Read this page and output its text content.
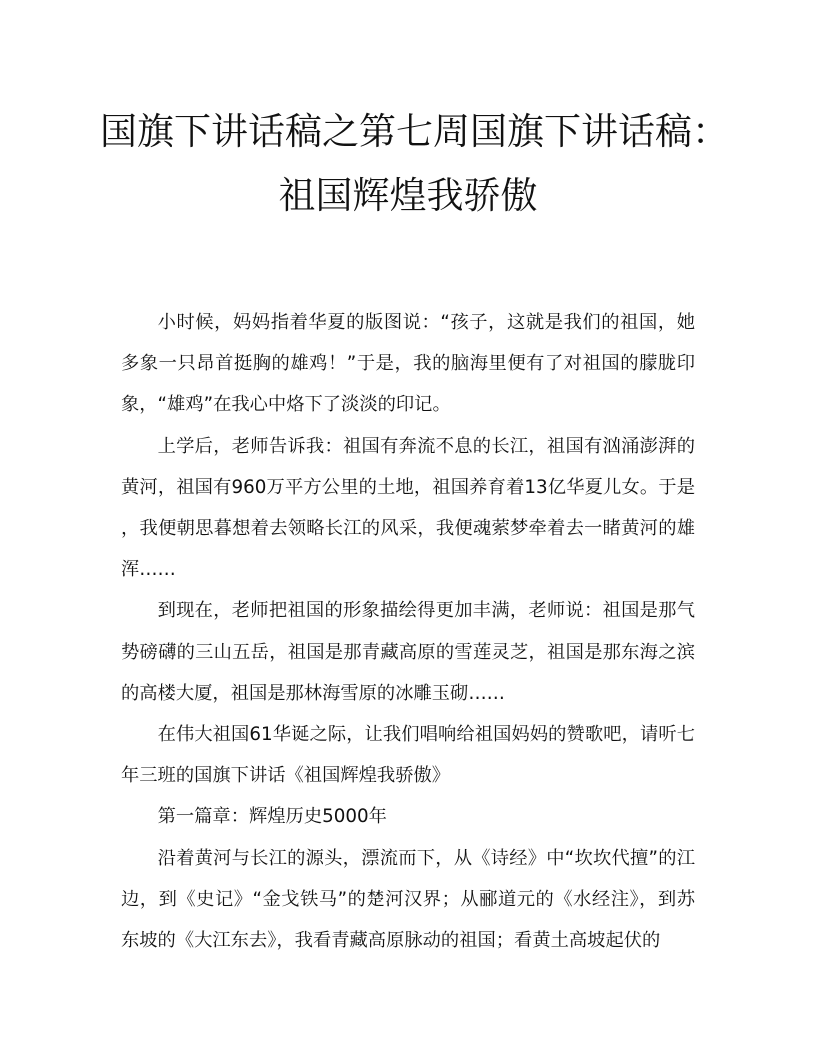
国旗下讲话稿之第七周国旗下讲话稿：
祖国辉煌我骄傲

小时候，妈妈指着华夏的版图说：“孩子，这就是我们的祖国，她多象一只昂首挺胸的雄鸡！”于是，我的脑海里便有了对祖国的朦胧印象，“雄鸡”在我心中烙下了淡淡的印记。

上学后，老师告诉我：祖国有奔流不息的长江，祖国有汹涌澎湃的黄河，祖国有960万平方公里的土地，祖国养育着13亿华夏儿女。于是，我便朝思暮想着去领略长江的风采，我便魂萦梦牵着去一睹黄河的雄浑……

到现在，老师把祖国的形象描绘得更加丰满，老师说：祖国是那气势磅礴的三山五岳，祖国是那青藏高原的雪莲灵芝，祖国是那东海之滨的高楼大厦，祖国是那林海雪原的冰雕玉砌……

在伟大祖国61华诞之际，让我们唱响给祖国妈妈的赞歌吧，请听七年三班的国旗下讲话《祖国辉煌我骄傲》

第一篇章：辉煌历史5000年

沿着黄河与长江的源头，漂流而下，从《诗经》中“坎坎代擅”的江边，到《史记》“金戈铁马”的楚河汉界；从郦道元的《水经注》，到苏东坡的《大江东去》，我看青藏高原脉动的祖国；看黄土高坡起伏的
